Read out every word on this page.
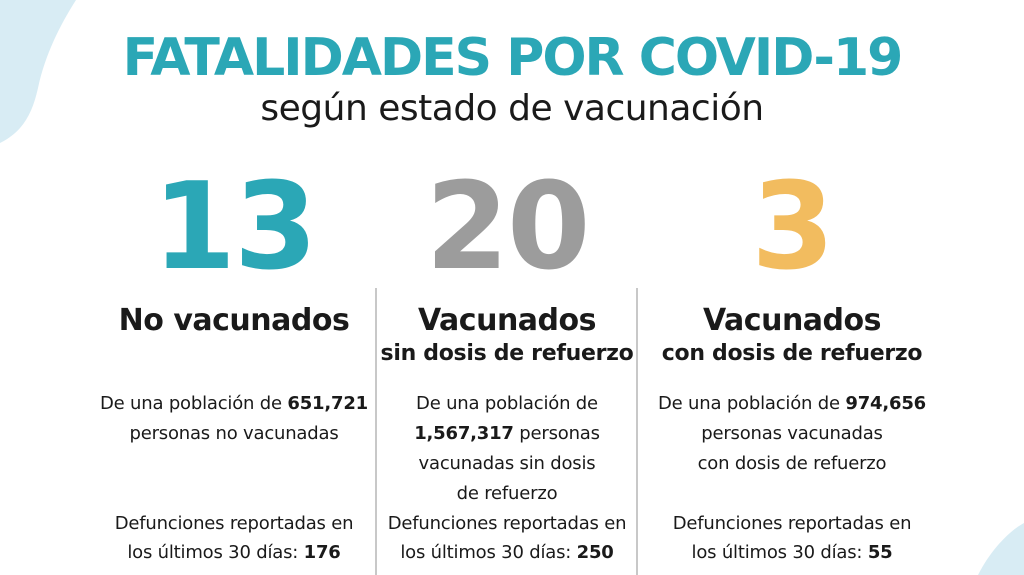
FATALIDADES POR COVID-19
según estado de vacunación
13
No vacunados
De una población de 651,721
personas no vacunadas
Defunciones reportadas en
los últimos 30 días: 176
20
Vacunados
sin dosis de refuerzo
De una población de
1,567,317 personas
vacunadas sin dosis
de refuerzo
Defunciones reportadas en
los últimos 30 días: 250
3
Vacunados
con dosis de refuerzo
De una población de 974,656
personas vacunadas
con dosis de refuerzo
Defunciones reportadas en
los últimos 30 días: 55
